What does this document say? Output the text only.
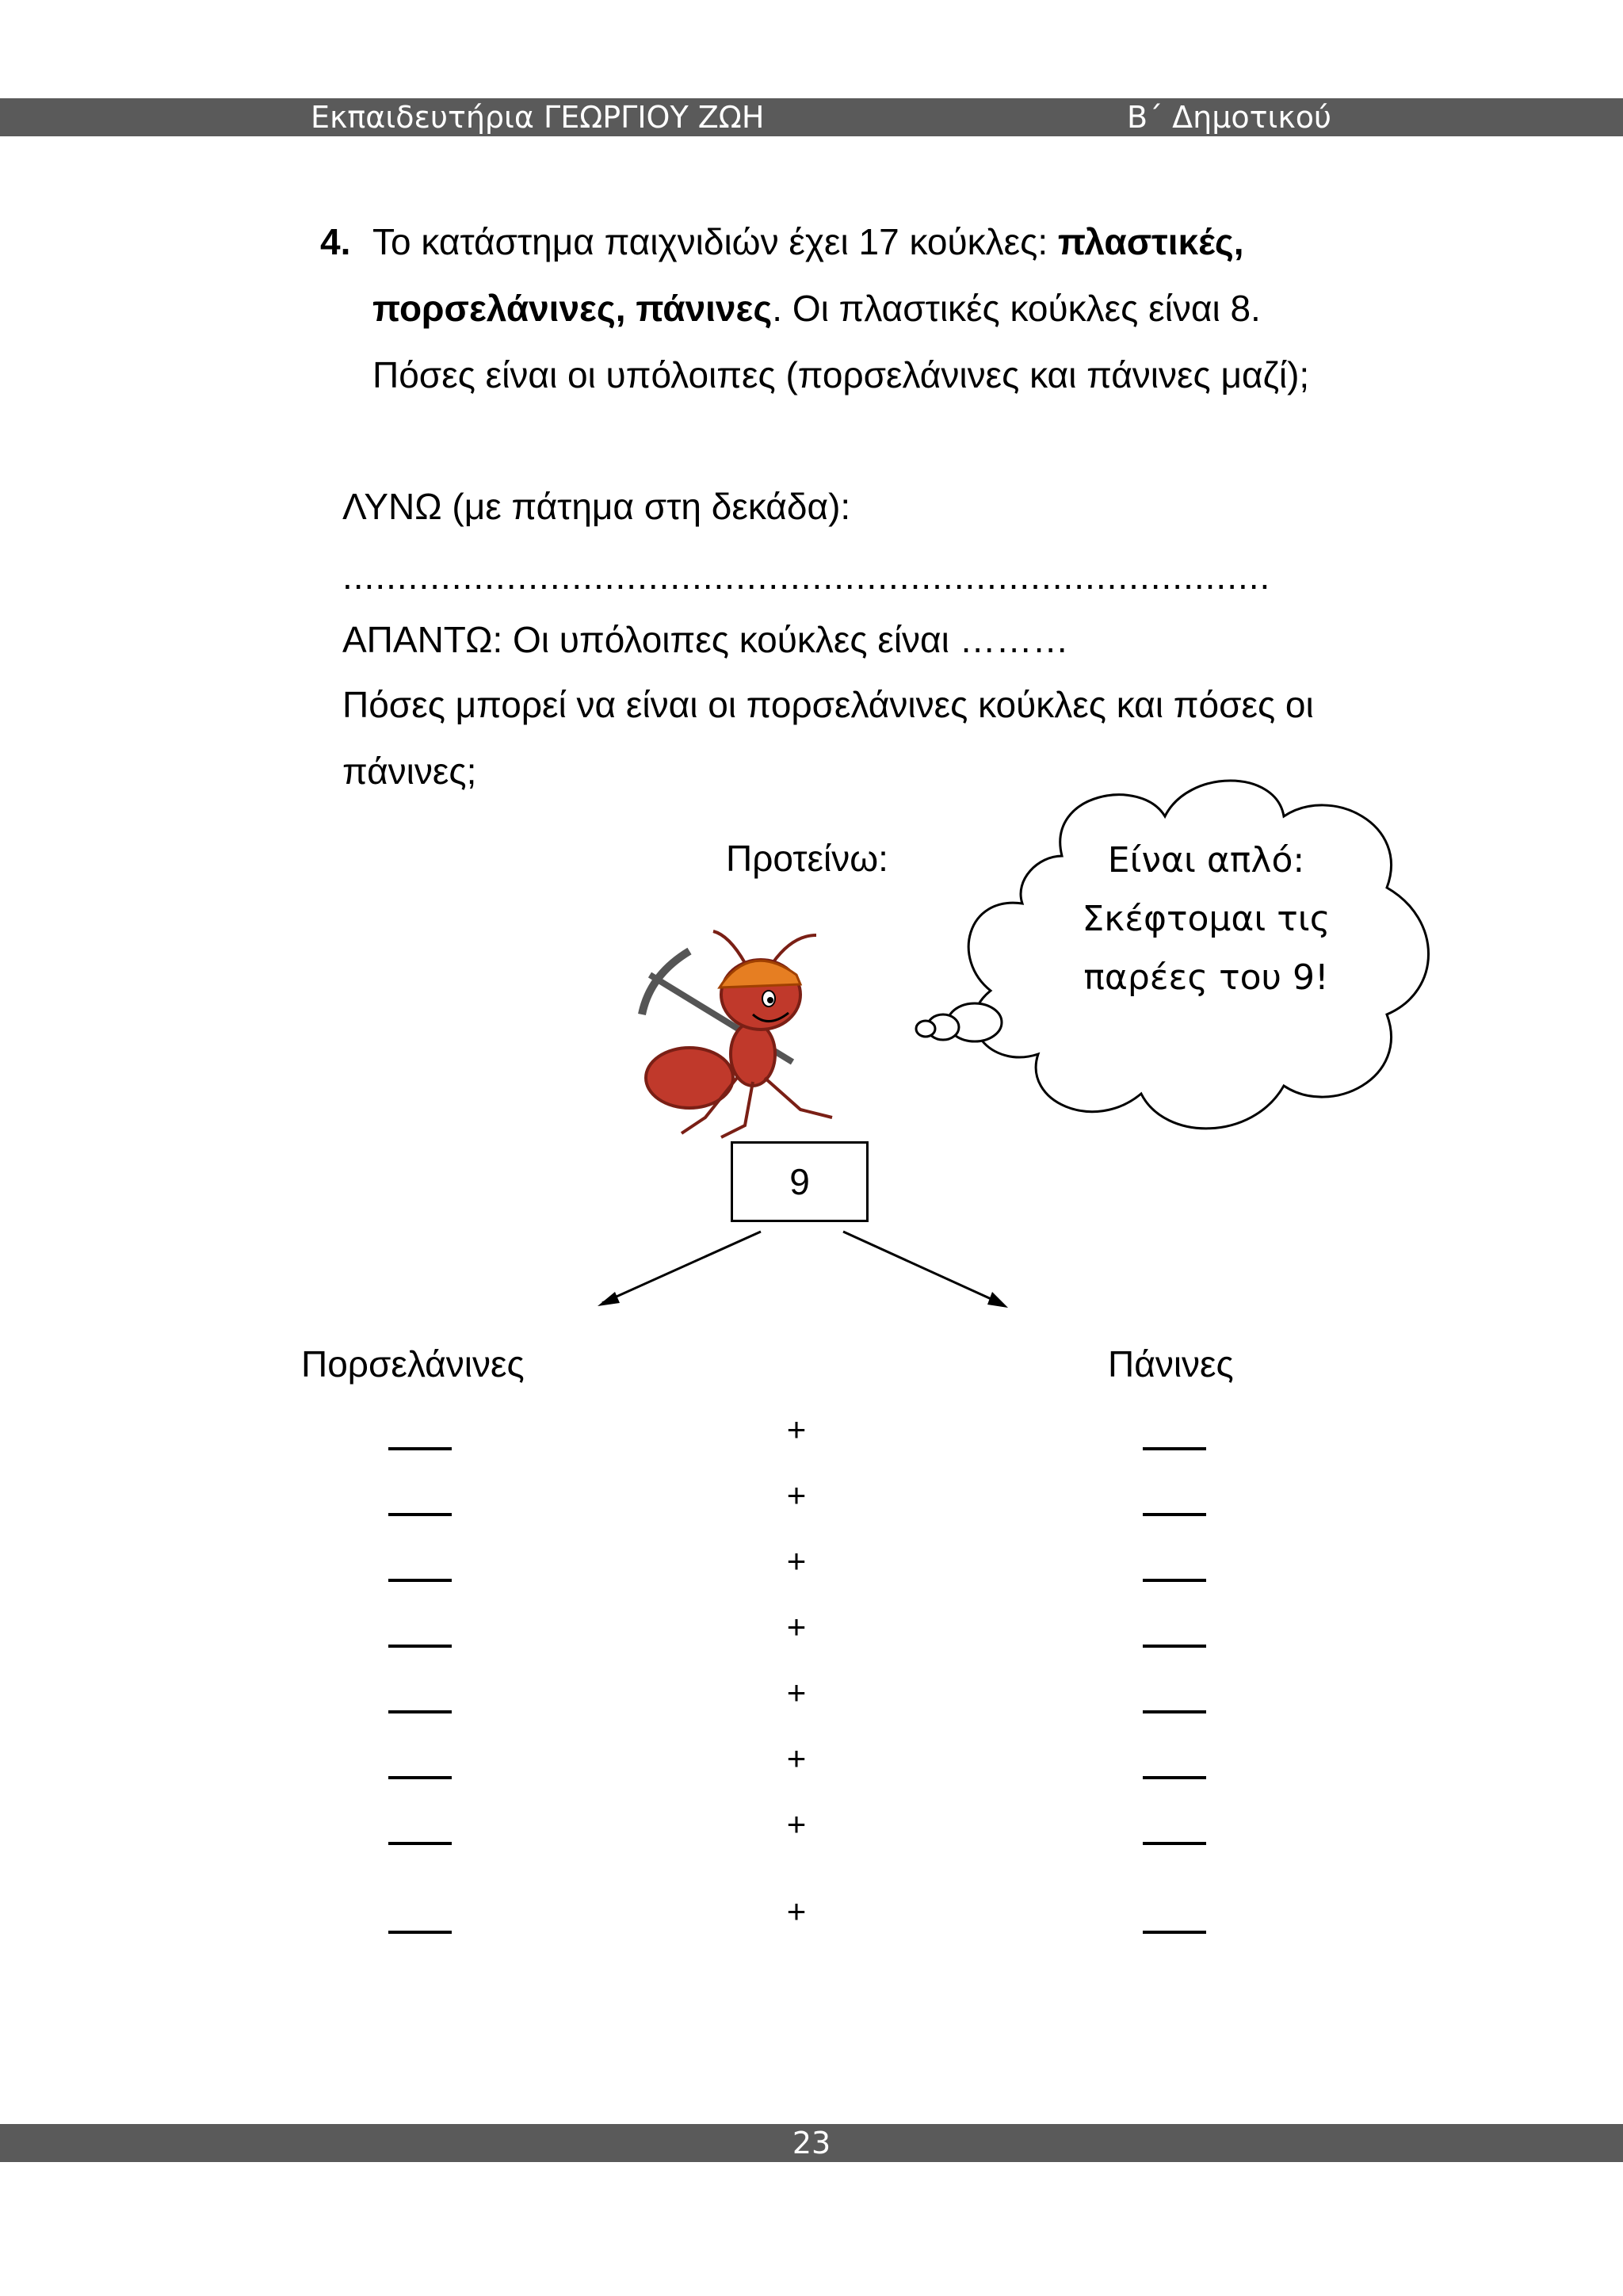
Εκπαιδευτήρια ΓΕΩΡΓΙΟΥ ΖΩΗ	Β΄ Δημοτικού
4. Το κατάστημα παιχνιδιών έχει 17 κούκλες: πλαστικές,
πορσελάνινες, πάνινες. Οι πλαστικές κούκλες είναι 8.
Πόσες είναι οι υπόλοιπες (πορσελάνινες και πάνινες μαζί);
ΛΥΝΩ (με πάτημα στη δεκάδα):
.....................................................................................
ΑΠΑΝΤΩ: Οι υπόλοιπες κούκλες είναι ………
Πόσες μπορεί να είναι οι πορσελάνινες κούκλες και πόσες οι
πάνινες;
Προτείνω:	Είναι απλό:
Σκέφτομαι τις
παρέες του 9!
9
Πορσελάνινες	Πάνινες
+
+
+
+
+
+
+
+
23
